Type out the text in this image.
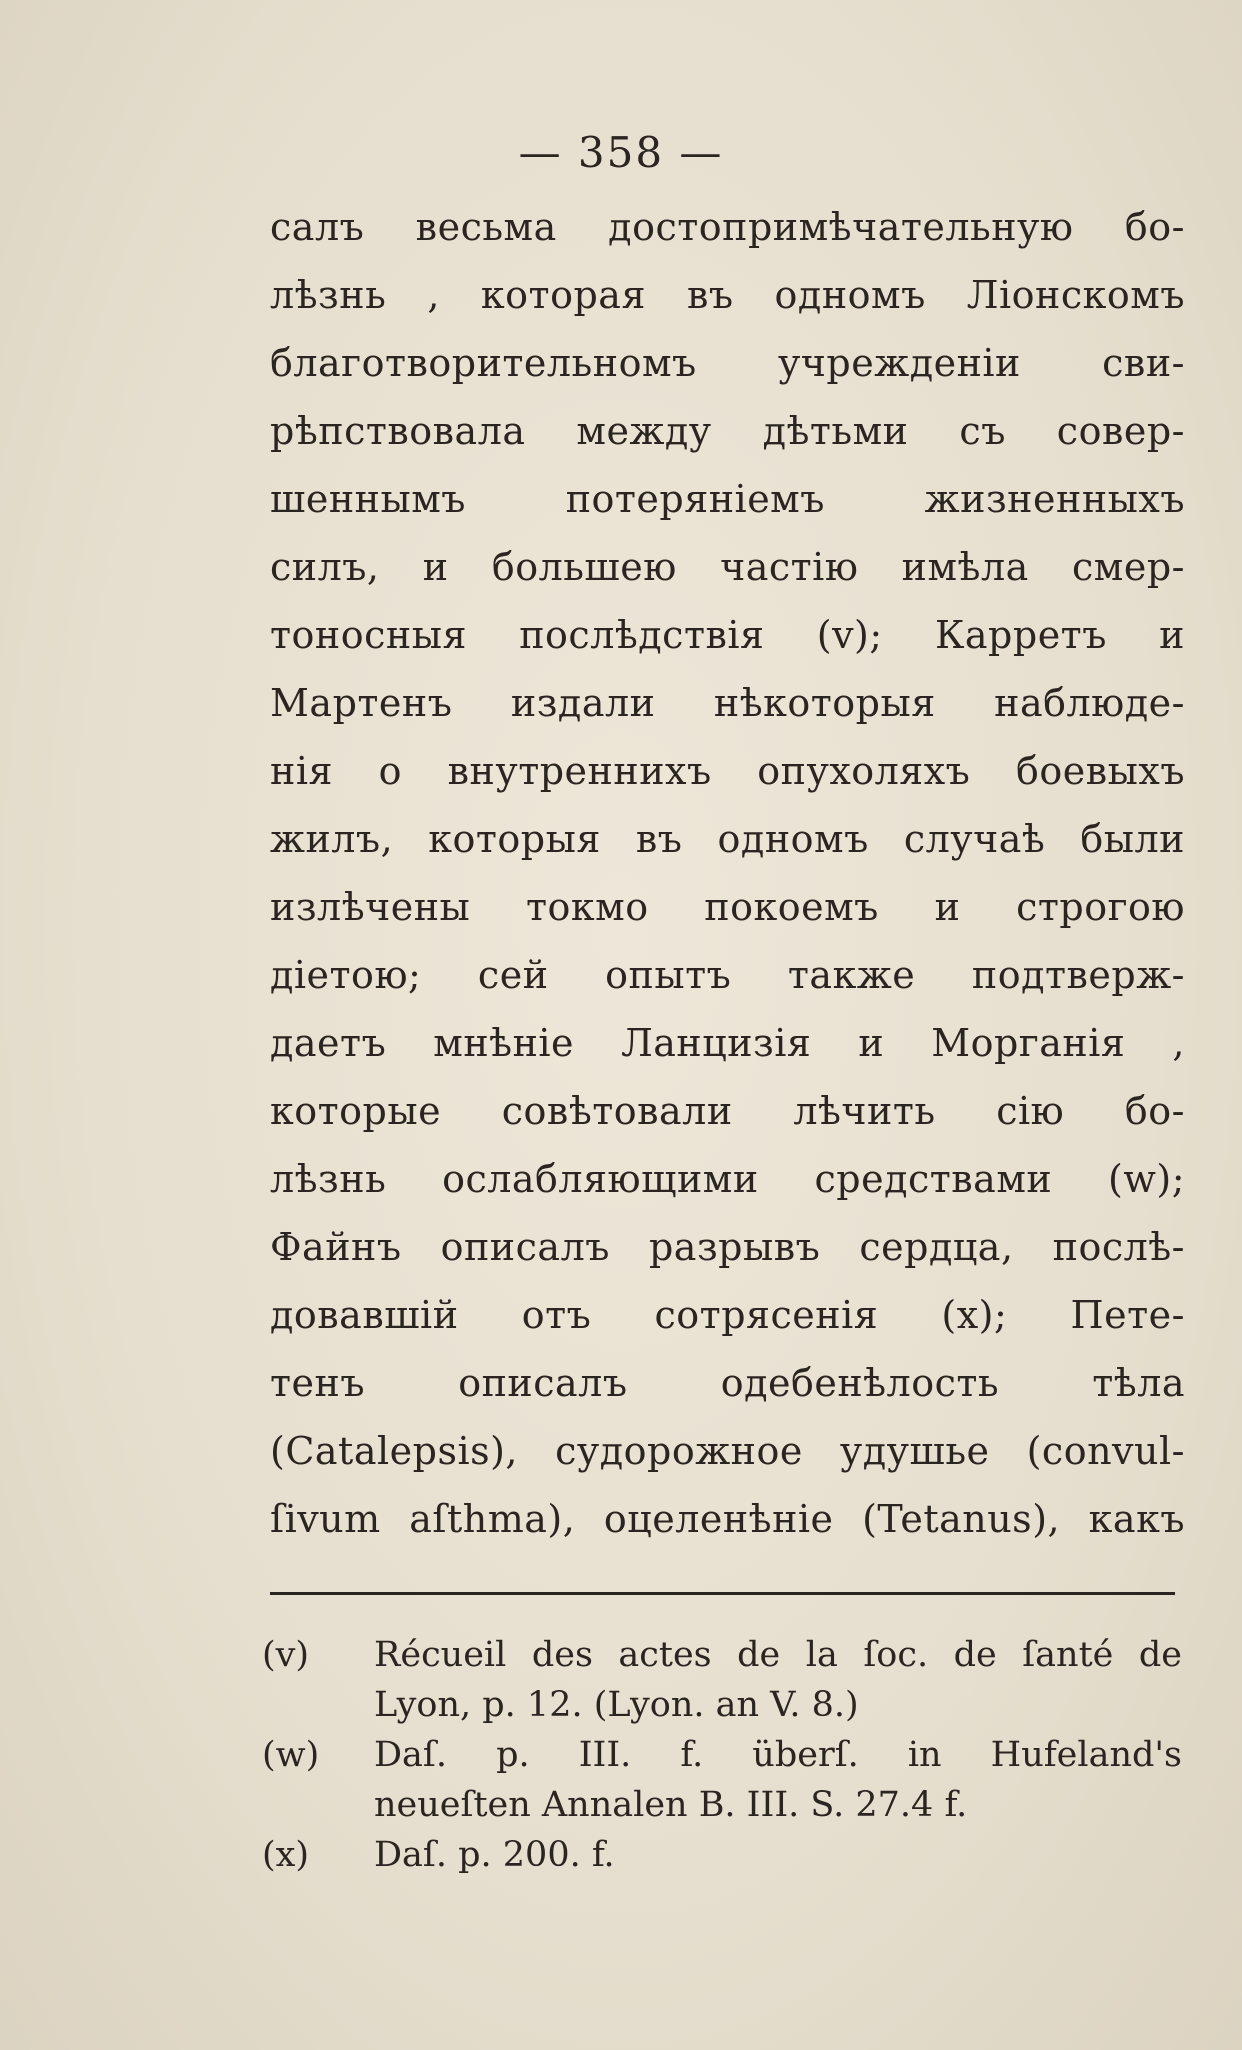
— 358 —
салъ весьма достопримѣчательную бо-
лѣзнь , которая въ одномъ Ліонскомъ
благотворительномъ учрежденіи сви-
рѣпствовала между дѣтьми съ совер-
шеннымъ потеряніемъ жизненныхъ
силъ, и большею частію имѣла смер-
тоносныя послѣдствія (v); Карретъ и
Мартенъ издали нѣкоторыя наблюде-
нія о внутреннихъ опухоляхъ боевыхъ
жилъ, которыя въ одномъ случаѣ были
излѣчены токмо покоемъ и строгою
діетою; сей опытъ также подтверж-
даетъ мнѣніе Ланцизія и Морганія ,
которые совѣтовали лѣчить сію бо-
лѣзнь ослабляющими средствами (w);
Файнъ описалъ разрывъ сердца, послѣ-
довавшій отъ сотрясенія (x); Пете-
тенъ описалъ одебенѣлость тѣла
(Catalepsis), судорожное удушье (convul-
ſivum aſthma), оцеленѣніе (Tetanus), какъ
(v) Récueil des actes de la ſoc. de ſanté de
Lyon, p. 12. (Lyon. an V. 8.)
(w) Daſ. p. III. f. überſ. in Hufeland's
neueſten Annalen B. III. S. 27.4 f.
(x) Daſ. p. 200. f.
